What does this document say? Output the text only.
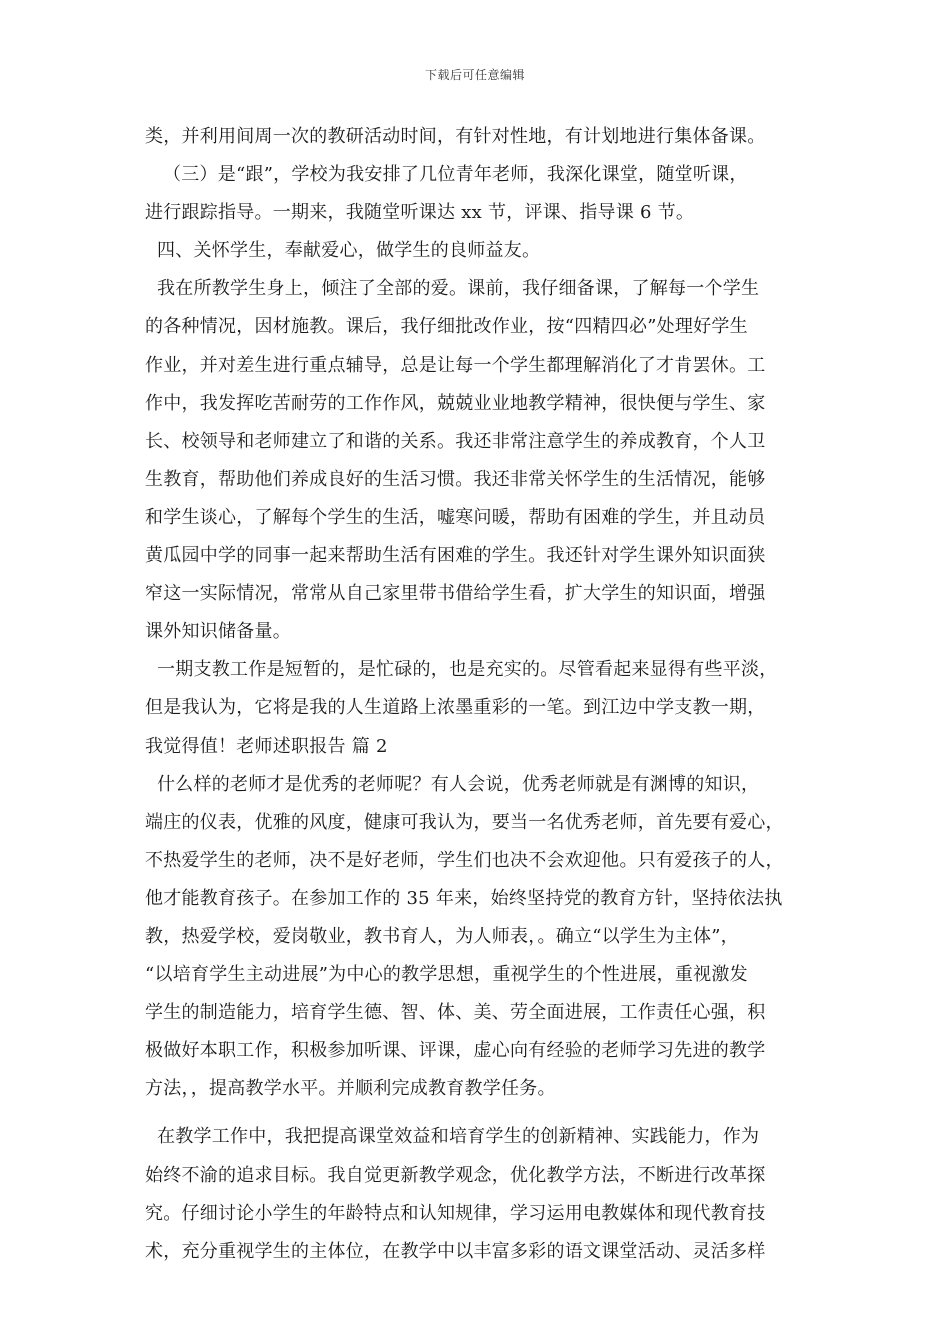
下载后可任意编辑
类，并利用间周一次的教研活动时间，有针对性地，有计划地进行集体备课。
（三）是“跟”，学校为我安排了几位青年老师，我深化课堂，随堂听课，
进行跟踪指导。一期来，我随堂听课达 xx 节，评课、指导课 6 节。
四、关怀学生，奉献爱心，做学生的良师益友。
我在所教学生身上，倾注了全部的爱。课前，我仔细备课，了解每一个学生
的各种情况，因材施教。课后，我仔细批改作业，按“四精四必”处理好学生
作业，并对差生进行重点辅导，总是让每一个学生都理解消化了才肯罢休。工
作中，我发挥吃苦耐劳的工作作风，兢兢业业地教学精神，很快便与学生、家
长、校领导和老师建立了和谐的关系。我还非常注意学生的养成教育，个人卫
生教育，帮助他们养成良好的生活习惯。我还非常关怀学生的生活情况，能够
和学生谈心，了解每个学生的生活，嘘寒问暖，帮助有困难的学生，并且动员
黄瓜园中学的同事一起来帮助生活有困难的学生。我还针对学生课外知识面狭
窄这一实际情况，常常从自己家里带书借给学生看，扩大学生的知识面，增强
课外知识储备量。
一期支教工作是短暂的，是忙碌的，也是充实的。尽管看起来显得有些平淡，
但是我认为，它将是我的人生道路上浓墨重彩的一笔。到江边中学支教一期，
我觉得值！老师述职报告 篇 2
什么样的老师才是优秀的老师呢？有人会说，优秀老师就是有渊博的知识，
端庄的仪表，优雅的风度，健康可我认为，要当一名优秀老师，首先要有爱心，
不热爱学生的老师，决不是好老师，学生们也决不会欢迎他。只有爱孩子的人，
他才能教育孩子。在参加工作的 35 年来，始终坚持党的教育方针，坚持依法执
教，热爱学校，爱岗敬业，教书育人，为人师表，。确立“以学生为主体”，
“以培育学生主动进展”为中心的教学思想，重视学生的个性进展，重视激发
学生的制造能力，培育学生德、智、体、美、劳全面进展，工作责任心强，积
极做好本职工作，积极参加听课、评课，虚心向有经验的老师学习先进的教学
方法，，提高教学水平。并顺利完成教育教学任务。
在教学工作中，我把提高课堂效益和培育学生的创新精神、实践能力，作为
始终不渝的追求目标。我自觉更新教学观念，优化教学方法，不断进行改革探
究。仔细讨论小学生的年龄特点和认知规律，学习运用电教媒体和现代教育技
术，充分重视学生的主体位，在教学中以丰富多彩的语文课堂活动、灵活多样
